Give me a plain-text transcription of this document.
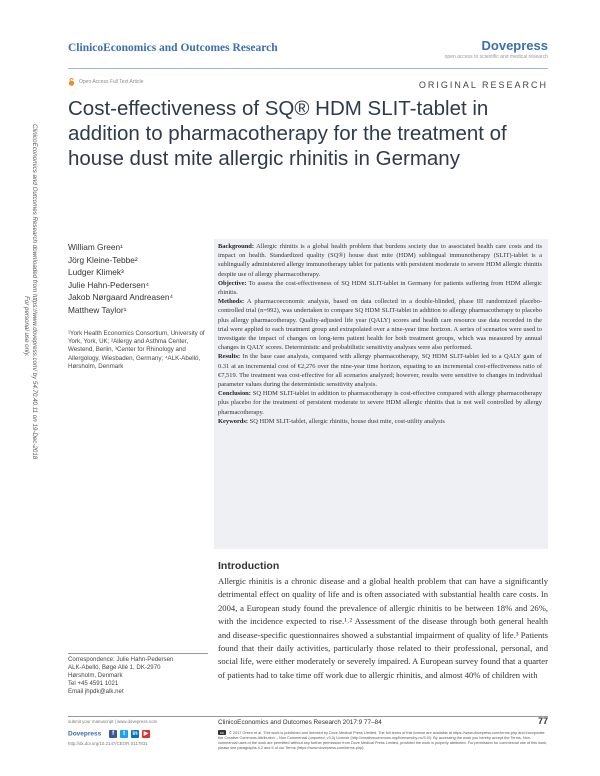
ClinicoEconomics and Outcomes Research	Dovepress
open access to scientific and medical research
Open Access Full Text Article	ORIGINAL RESEARCH
Cost-effectiveness of SQ® HDM SLIT-tablet in addition to pharmacotherapy for the treatment of house dust mite allergic rhinitis in Germany
ClinicoEconomics and Outcomes Research downloaded from https://www.dovepress.com/ by 54.70.40.11 on 19-Dec-2018
For personal use only.
William Green¹
Jörg Kleine-Tebbe²
Ludger Klimek³
Julie Hahn-Pedersen⁴
Jakob Nørgaard Andreasen⁴
Matthew Taylor¹
¹York Health Economics Consortium, University of York, York, UK; ²Allergy and Asthma Center, Westend, Berlin, ³Center for Rhinology and Allergology, Wiesbaden, Germany; ⁴ALK-Abelló, Hørsholm, Denmark
Background: Allergic rhinitis is a global health problem that burdens society due to associated health care costs and its impact on health. Standardized quality (SQ®) house dust mite (HDM) sublingual immunotherapy (SLIT)-tablet is a sublingually administered allergy immunotherapy tablet for patients with persistent moderate to severe HDM allergic rhinitis despite use of allergy pharmacotherapy.
Objective: To assess the cost-effectiveness of SQ HDM SLIT-tablet in Germany for patients suffering from HDM allergic rhinitis.
Methods: A pharmacoeconomic analysis, based on data collected in a double-blinded, phase III randomized placebo-controlled trial (n=992), was undertaken to compare SQ HDM SLIT-tablet in addition to allergy pharmacotherapy to placebo plus allergy pharmacotherapy. Quality-adjusted life year (QALY) scores and health care resource use data recorded in the trial were applied to each treatment group and extrapolated over a nine-year time horizon. A series of scenarios were used to investigate the impact of changes on long-term patient health for both treatment groups, which was measured by annual changes in QALY scores. Deterministic and probabilistic sensitivity analyses were also performed.
Results: In the base case analysis, compared with allergy pharmacotherapy, SQ HDM SLIT-tablet led to a QALY gain of 0.31 at an incremental cost of €2,276 over the nine-year time horizon, equating to an incremental cost-effectiveness ratio of €7,519. The treatment was cost-effective for all scenarios analyzed; however, results were sensitive to changes in individual parameter values during the deterministic sensitivity analysis.
Conclusion: SQ HDM SLIT-tablet in addition to pharmacotherapy is cost-effective compared with allergy pharmacotherapy plus placebo for the treatment of persistent moderate to severe HDM allergic rhinitis that is not well controlled by allergy pharmacotherapy.
Keywords: SQ HDM SLIT-tablet, allergic rhinitis, house dust mite, cost-utility analysis
Introduction
Allergic rhinitis is a chronic disease and a global health problem that can have a significantly detrimental effect on quality of life and is often associated with substantial health care costs. In 2004, a European study found the prevalence of allergic rhinitis to be between 18% and 26%, with the incidence expected to rise.¹˒² Assessment of the disease through both general health and disease-specific questionnaires showed a substantial impairment of quality of life.³ Patients found that their daily activities, particularly those related to their professional, personal, and social life, were either moderately or severely impaired. A European survey found that a quarter of patients had to take time off work due to allergic rhinitis, and almost 40% of children with
Correspondence: Julie Hahn-Pedersen
ALK-Abelló, Bøge Allé 1, DK-2970
Hørsholm, Denmark
Tel +45 4591 1021
Email jhpdk@alk.net
submit your manuscript | www.dovepress.com
Dovepress	f	t	in ▶
http://dx.doi.org/10.2147/CEOR.S117831
ClinicoEconomics and Outcomes Research 2017:9 77–84	77
cc © 2017 Green et al. This work is published and licensed by Dove Medical Press Limited. The full terms of this license are available at https://www.dovepress.com/terms.php and incorporate the Creative Commons Attribution – Non Commercial (unported, v3.0) License (http://creativecommons.org/licenses/by-nc/3.0/). By accessing the work you hereby accept the Terms. Non-commercial uses of the work are permitted without any further permission from Dove Medical Press Limited, provided the work is properly attributed. For permission for commercial use of this work, please see paragraphs 4.2 and 5 of our Terms (https://www.dovepress.com/terms.php).
